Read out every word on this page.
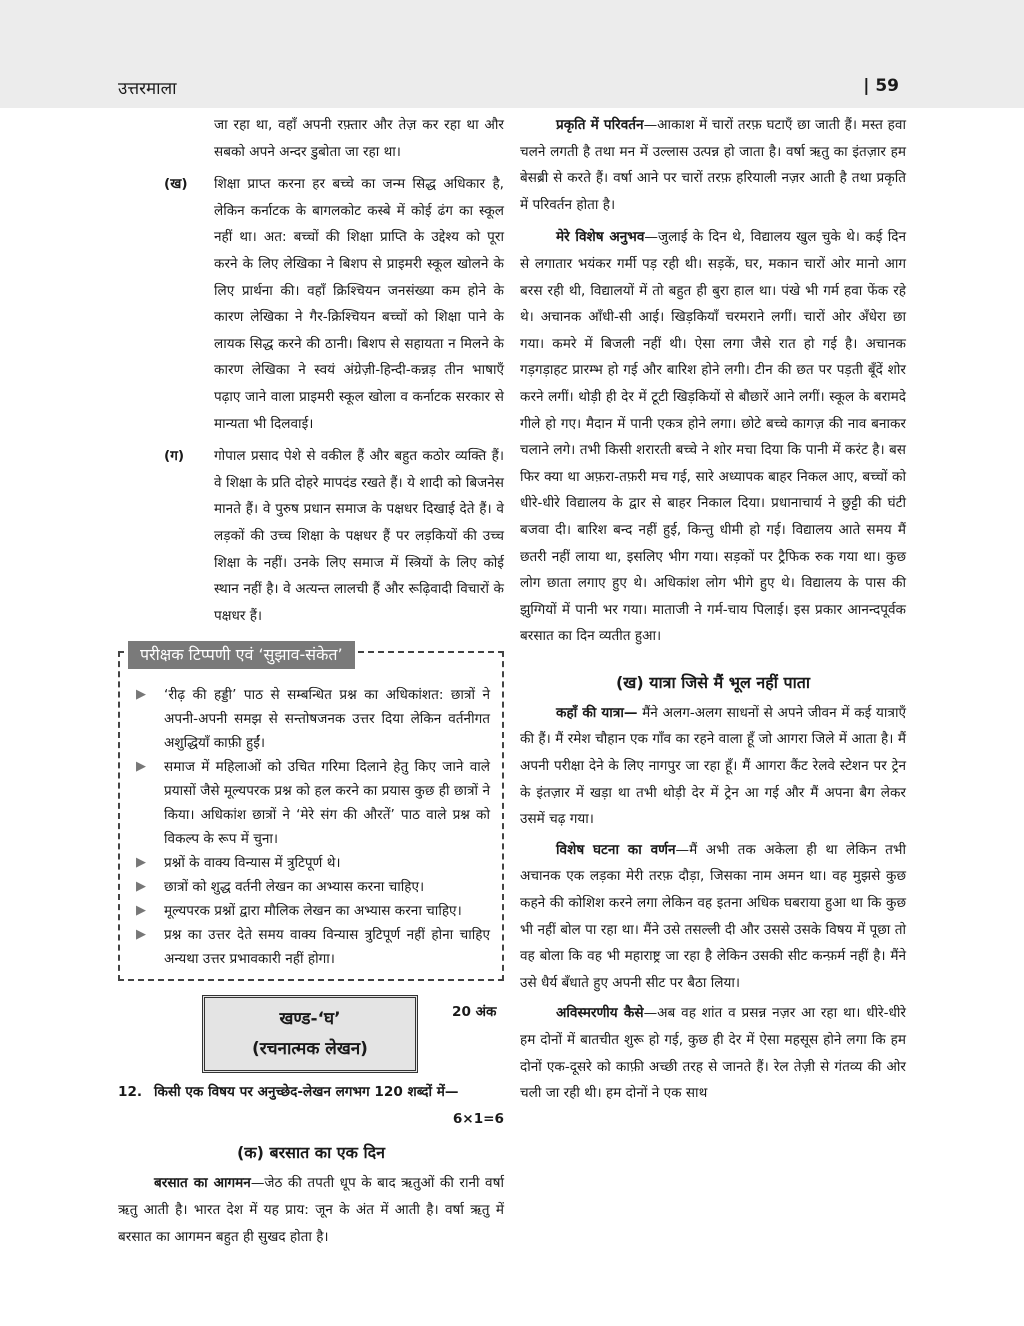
उत्तरमाला	| 59

जा रहा था, वहाँ अपनी रफ़्तार और तेज़ कर रहा था और सबको अपने अन्दर डुबोता जा रहा था।

(ख)	शिक्षा प्राप्त करना हर बच्चे का जन्म सिद्ध अधिकार है, लेकिन कर्नाटक के बागलकोट कस्बे में कोई ढंग का स्कूल नहीं था। अत: बच्चों की शिक्षा प्राप्ति के उद्देश्य को पूरा करने के लिए लेखिका ने बिशप से प्राइमरी स्कूल खोलने के लिए प्रार्थना की। वहाँ क्रिश्चियन जनसंख्या कम होने के कारण लेखिका ने गैर-क्रिश्चियन बच्चों को शिक्षा पाने के लायक सिद्ध करने की ठानी। बिशप से सहायता न मिलने के कारण लेखिका ने स्वयं अंग्रेज़ी-हिन्दी-कन्नड़ तीन भाषाएँ पढ़ाए जाने वाला प्राइमरी स्कूल खोला व कर्नाटक सरकार से मान्यता भी दिलवाई।
(ग)	गोपाल प्रसाद पेशे से वकील हैं और बहुत कठोर व्यक्ति हैं। वे शिक्षा के प्रति दोहरे मापदंड रखते हैं। ये शादी को बिजनेस मानते हैं। वे पुरुष प्रधान समाज के पक्षधर दिखाई देते हैं। वे लड़कों की उच्च शिक्षा के पक्षधर हैं पर लड़कियों की उच्च शिक्षा के नहीं। उनके लिए समाज में स्त्रियों के लिए कोई स्थान नहीं है। वे अत्यन्त लालची हैं और रूढ़िवादी विचारों के पक्षधर हैं।
परीक्षक टिप्पणी एवं ‘सुझाव-संकेत’
▶ ‘रीढ़ की हड्डी’ पाठ से सम्बन्धित प्रश्न का अधिकांशत: छात्रों ने अपनी-अपनी समझ से सन्तोषजनक उत्तर दिया लेकिन वर्तनीगत अशुद्धियाँ काफ़ी हुईं।
▶ समाज में महिलाओं को उचित गरिमा दिलाने हेतु किए जाने वाले प्रयासों जैसे मूल्यपरक प्रश्न को हल करने का प्रयास कुछ ही छात्रों ने किया। अधिकांश छात्रों ने ‘मेरे संग की औरतें’ पाठ वाले प्रश्न को विकल्प के रूप में चुना।
▶ प्रश्नों के वाक्य विन्यास में त्रुटिपूर्ण थे।
▶ छात्रों को शुद्ध वर्तनी लेखन का अभ्यास करना चाहिए।
▶ मूल्यपरक प्रश्नों द्वारा मौलिक लेखन का अभ्यास करना चाहिए।
▶ प्रश्न का उत्तर देते समय वाक्य विन्यास त्रुटिपूर्ण नहीं होना चाहिए अन्यथा उत्तर प्रभावकारी नहीं होगा।
खण्ड-‘घ’
(रचनात्मक लेखन)
20 अंक
12. किसी एक विषय पर अनुच्छेद-लेखन लगभग 120 शब्दों में—
6×1=6
(क) बरसात का एक दिन

बरसात का आगमन—जेठ की तपती धूप के बाद ऋतुओं की रानी वर्षा ऋतु आती है। भारत देश में यह प्राय: जून के अंत में आती है। वर्षा ऋतु में बरसात का आगमन बहुत ही सुखद होता है।

प्रकृति में परिवर्तन—आकाश में चारों तरफ़ घटाएँ छा जाती हैं। मस्त हवा चलने लगती है तथा मन में उल्लास उत्पन्न हो जाता है। वर्षा ऋतु का इंतज़ार हम बेसब्री से करते हैं। वर्षा आने पर चारों तरफ़ हरियाली नज़र आती है तथा प्रकृति में परिवर्तन होता है।

मेरे विशेष अनुभव—जुलाई के दिन थे, विद्यालय खुल चुके थे। कई दिन से लगातार भयंकर गर्मी पड़ रही थी। सड़कें, घर, मकान चारों ओर मानो आग बरस रही थी, विद्यालयों में तो बहुत ही बुरा हाल था। पंखे भी गर्म हवा फेंक रहे थे। अचानक आँधी-सी आई। खिड़कियाँ चरमराने लगीं। चारों ओर अँधेरा छा गया। कमरे में बिजली नहीं थी। ऐसा लगा जैसे रात हो गई है। अचानक गड़गड़ाहट प्रारम्भ हो गई और बारिश होने लगी। टीन की छत पर पड़ती बूँदें शोर करने लगीं। थोड़ी ही देर में टूटी खिड़कियों से बौछारें आने लगीं। स्कूल के बरामदे गीले हो गए। मैदान में पानी एकत्र होने लगा। छोटे बच्चे कागज़ की नाव बनाकर चलाने लगे। तभी किसी शरारती बच्चे ने शोर मचा दिया कि पानी में करंट है। बस फिर क्या था अफ़रा-तफ़री मच गई, सारे अध्यापक बाहर निकल आए, बच्चों को धीरे-धीरे विद्यालय के द्वार से बाहर निकाल दिया। प्रधानाचार्य ने छुट्टी की घंटी बजवा दी। बारिश बन्द नहीं हुई, किन्तु धीमी हो गई। विद्यालय आते समय मैं छतरी नहीं लाया था, इसलिए भीग गया। सड़कों पर ट्रैफिक रुक गया था। कुछ लोग छाता लगाए हुए थे। अधिकांश लोग भीगे हुए थे। विद्यालय के पास की झुग्गियों में पानी भर गया। माताजी ने गर्म-चाय पिलाई। इस प्रकार आनन्दपूर्वक बरसात का दिन व्यतीत हुआ।

(ख) यात्रा जिसे मैं भूल नहीं पाता

कहाँ की यात्रा— मैंने अलग-अलग साधनों से अपने जीवन में कई यात्राएँ की हैं। मैं रमेश चौहान एक गाँव का रहने वाला हूँ जो आगरा जिले में आता है। मैं अपनी परीक्षा देने के लिए नागपुर जा रहा हूँ। मैं आगरा कैंट रेलवे स्टेशन पर ट्रेन के इंतज़ार में खड़ा था तभी थोड़ी देर में ट्रेन आ गई और मैं अपना बैग लेकर उसमें चढ़ गया।

विशेष घटना का वर्णन—मैं अभी तक अकेला ही था लेकिन तभी अचानक एक लड़का मेरी तरफ़ दौड़ा, जिसका नाम अमन था। वह मुझसे कुछ कहने की कोशिश करने लगा लेकिन वह इतना अधिक घबराया हुआ था कि कुछ भी नहीं बोल पा रहा था। मैंने उसे तसल्ली दी और उससे उसके विषय में पूछा तो वह बोला कि वह भी महाराष्ट्र जा रहा है लेकिन उसकी सीट कन्फ़र्म नहीं है। मैंने उसे धैर्य बँधाते हुए अपनी सीट पर बैठा लिया।

अविस्मरणीय कैसे—अब वह शांत व प्रसन्न नज़र आ रहा था। धीरे-धीरे हम दोनों में बातचीत शुरू हो गई, कुछ ही देर में ऐसा महसूस होने लगा कि हम दोनों एक-दूसरे को काफ़ी अच्छी तरह से जानते हैं। रेल तेज़ी से गंतव्य की ओर चली जा रही थी। हम दोनों ने एक साथ
